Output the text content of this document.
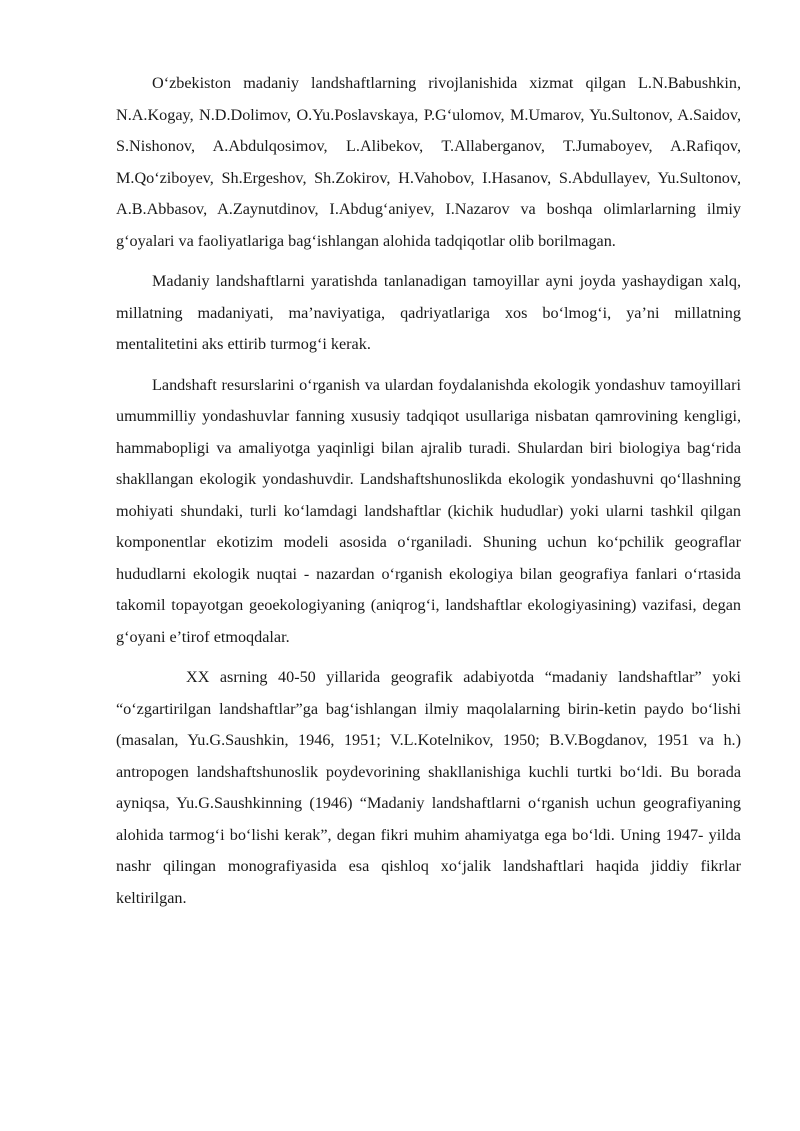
O‘zbekiston madaniy landshaftlarning rivojlanishida xizmat qilgan L.N.Babushkin, N.A.Kogay, N.D.Dolimov, O.Yu.Poslavskaya, P.G‘ulomov, M.Umarov, Yu.Sultonov, A.Saidov, S.Nishonov, A.Abdulqosimov, L.Alibekov, T.Allaberganov, T.Jumaboyev, A.Rafiqov, M.Qo‘ziboyev, Sh.Ergeshov, Sh.Zokirov, H.Vahobov, I.Hasanov, S.Abdullayev, Yu.Sultonov, A.B.Abbasov, A.Zaynutdinov, I.Abdug‘aniyev, I.Nazarov va boshqa olimlarlarning ilmiy g‘oyalari va faoliyatlariga bag‘ishlangan alohida tadqiqotlar olib borilmagan.

Madaniy landshaftlarni yaratishda tanlanadigan tamoyillar ayni joyda yashaydigan xalq, millatning madaniyati, ma’naviyatiga, qadriyatlariga xos bo‘lmog‘i, ya’ni millatning mentalitetini aks ettirib turmog‘i kerak.

Landshaft resurslarini o‘rganish va ulardan foydalanishda ekologik yondashuv tamoyillari umummilliy yondashuvlar fanning xususiy tadqiqot usullariga nisbatan qamrovining kengligi, hammabopligi va amaliyotga yaqinligi bilan ajralib turadi. Shulardan biri biologiya bag‘rida shakllangan ekologik yondashuvdir. Landshaftshunoslikda ekologik yondashuvni qo‘llashning mohiyati shundaki, turli ko‘lamdagi landshaftlar (kichik hududlar) yoki ularni tashkil qilgan komponentlar ekotizim modeli asosida o‘rganiladi. Shuning uchun ko‘pchilik geograflar hududlarni ekologik nuqtai - nazardan o‘rganish ekologiya bilan geografiya fanlari o‘rtasida takomil topayotgan geoekologiyaning (aniqrog‘i, landshaftlar ekologiyasining) vazifasi, degan g‘oyani e’tirof etmoqdalar.

XX asrning 40-50 yillarida geografik adabiyotda “madaniy landshaftlar” yoki “o‘zgartirilgan landshaftlar”ga bag‘ishlangan ilmiy maqolalarning birin-ketin paydo bo‘lishi (masalan, Yu.G.Saushkin, 1946, 1951; V.L.Kotelnikov, 1950; B.V.Bogdanov, 1951 va h.) antropogen landshaftshunoslik poydevorining shakllanishiga kuchli turtki bo‘ldi. Bu borada ayniqsa, Yu.G.Saushkinning (1946) “Madaniy landshaftlarni o‘rganish uchun geografiyaning alohida tarmog‘i bo‘lishi kerak”, degan fikri muhim ahamiyatga ega bo‘ldi. Uning 1947- yilda nashr qilingan monografiyasida esa qishloq xo‘jalik landshaftlari haqida jiddiy fikrlar keltirilgan.
